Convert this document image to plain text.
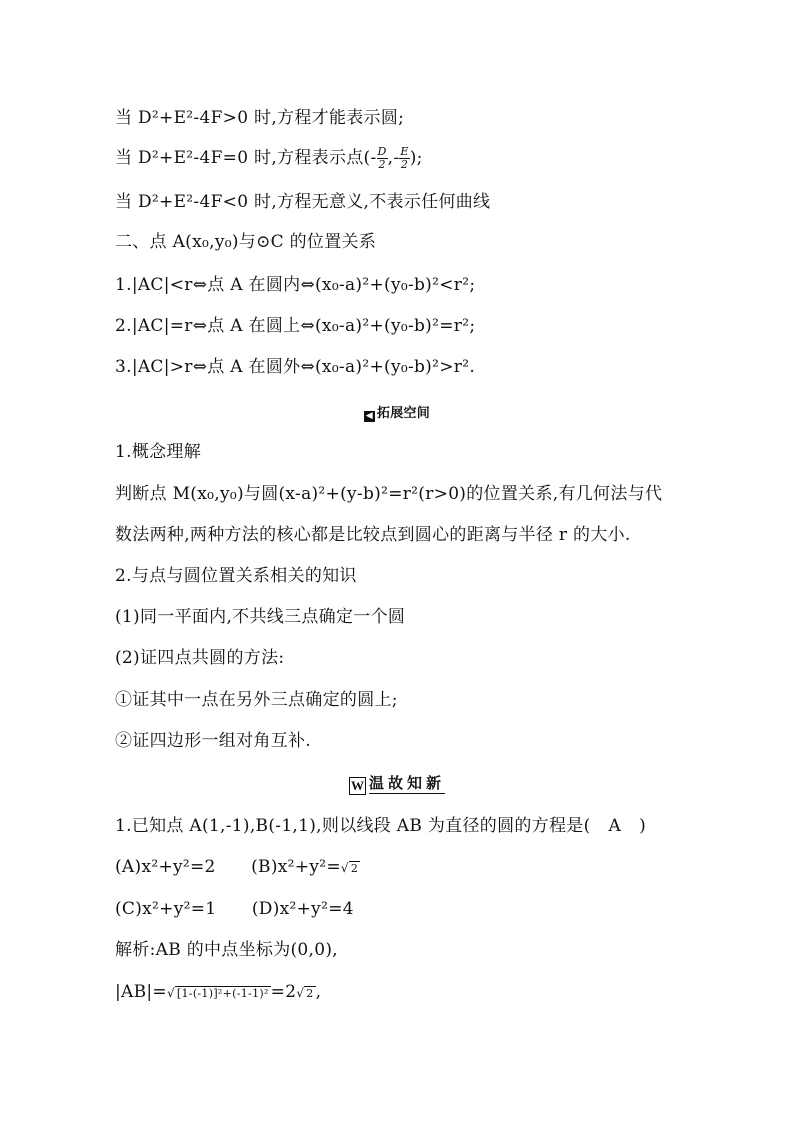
当 D²+E²-4F>0 时,方程才能表示圆;
当 D²+E²-4F=0 时,方程表示点(- $\frac{D}{2}$ ,- $\frac{E}{2}$ );
当 D²+E²-4F<0 时,方程无意义,不表示任何曲线
二、点 A(x₀,y₀)与⊙C 的位置关系
1.|AC|<r⇔点 A 在圆内⇔(x₀-a)²+(y₀-b)²<r²;
2.|AC|=r⇔点 A 在圆上⇔(x₀-a)²+(y₀-b)²=r²;
3.|AC|>r⇔点 A 在圆外⇔(x₀-a)²+(y₀-b)²>r².
◀ 拓展空间
1.概念理解
判断点 M(x₀,y₀)与圆(x-a)²+(y-b)²=r²(r>0)的位置关系,有几何法与代
数法两种,两种方法的核心都是比较点到圆心的距离与半径 r 的大小.
2.与点与圆位置关系相关的知识
(1)同一平面内,不共线三点确定一个圆
(2)证四点共圆的方法:
①证其中一点在另外三点确定的圆上;
②证四边形一组对角互补.
W 温故知新
1.已知点 A(1,-1),B(-1,1),则以线段 AB 为直径的圆的方程是( A )
(A)x²+y²=2 (B)x²+y²=√ 2
(C)x²+y²=1 (D)x²+y²=4
解析:AB 的中点坐标为(0,0),
|AB|=√ [1-(-1)]²+(-1-1)² =2√ 2 ,
